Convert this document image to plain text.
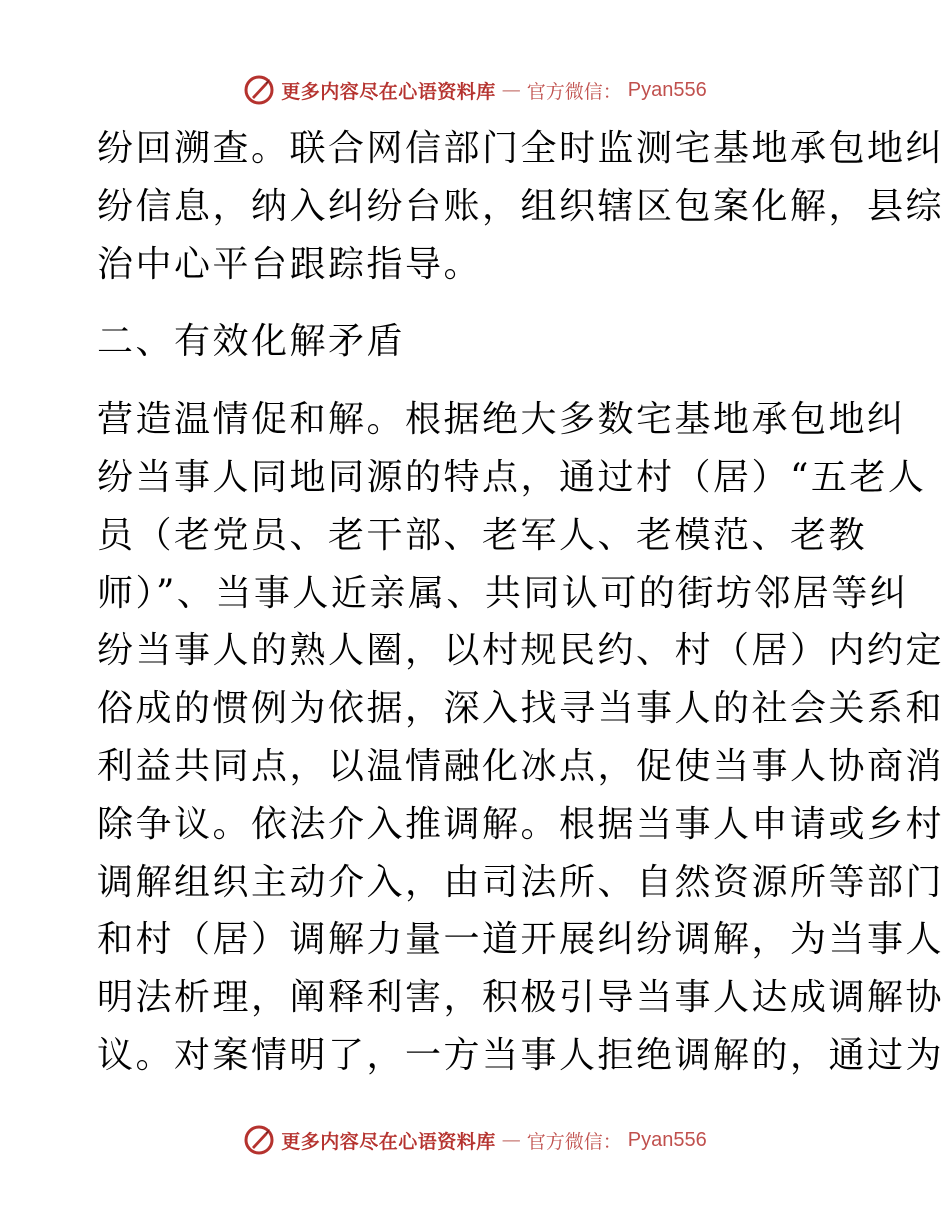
更多内容尽在心语资料库 — 官方微信： Pyan556
纷回溯查。联合网信部门全时监测宅基地承包地纠
纷信息，纳入纠纷台账，组织辖区包案化解，县综
治中心平台跟踪指导。
二、有效化解矛盾
营造温情促和解。根据绝大多数宅基地承包地纠
纷当事人同地同源的特点，通过村（居）“五老人
员（老党员、老干部、老军人、老模范、老教
师）”、当事人近亲属、共同认可的街坊邻居等纠
纷当事人的熟人圈，以村规民约、村（居）内约定
俗成的惯例为依据，深入找寻当事人的社会关系和
利益共同点，以温情融化冰点，促使当事人协商消
除争议。依法介入推调解。根据当事人申请或乡村
调解组织主动介入，由司法所、自然资源所等部门
和村（居）调解力量一道开展纠纷调解，为当事人
明法析理，阐释利害，积极引导当事人达成调解协
议。对案情明了，一方当事人拒绝调解的，通过为
更多内容尽在心语资料库 — 官方微信： Pyan556
